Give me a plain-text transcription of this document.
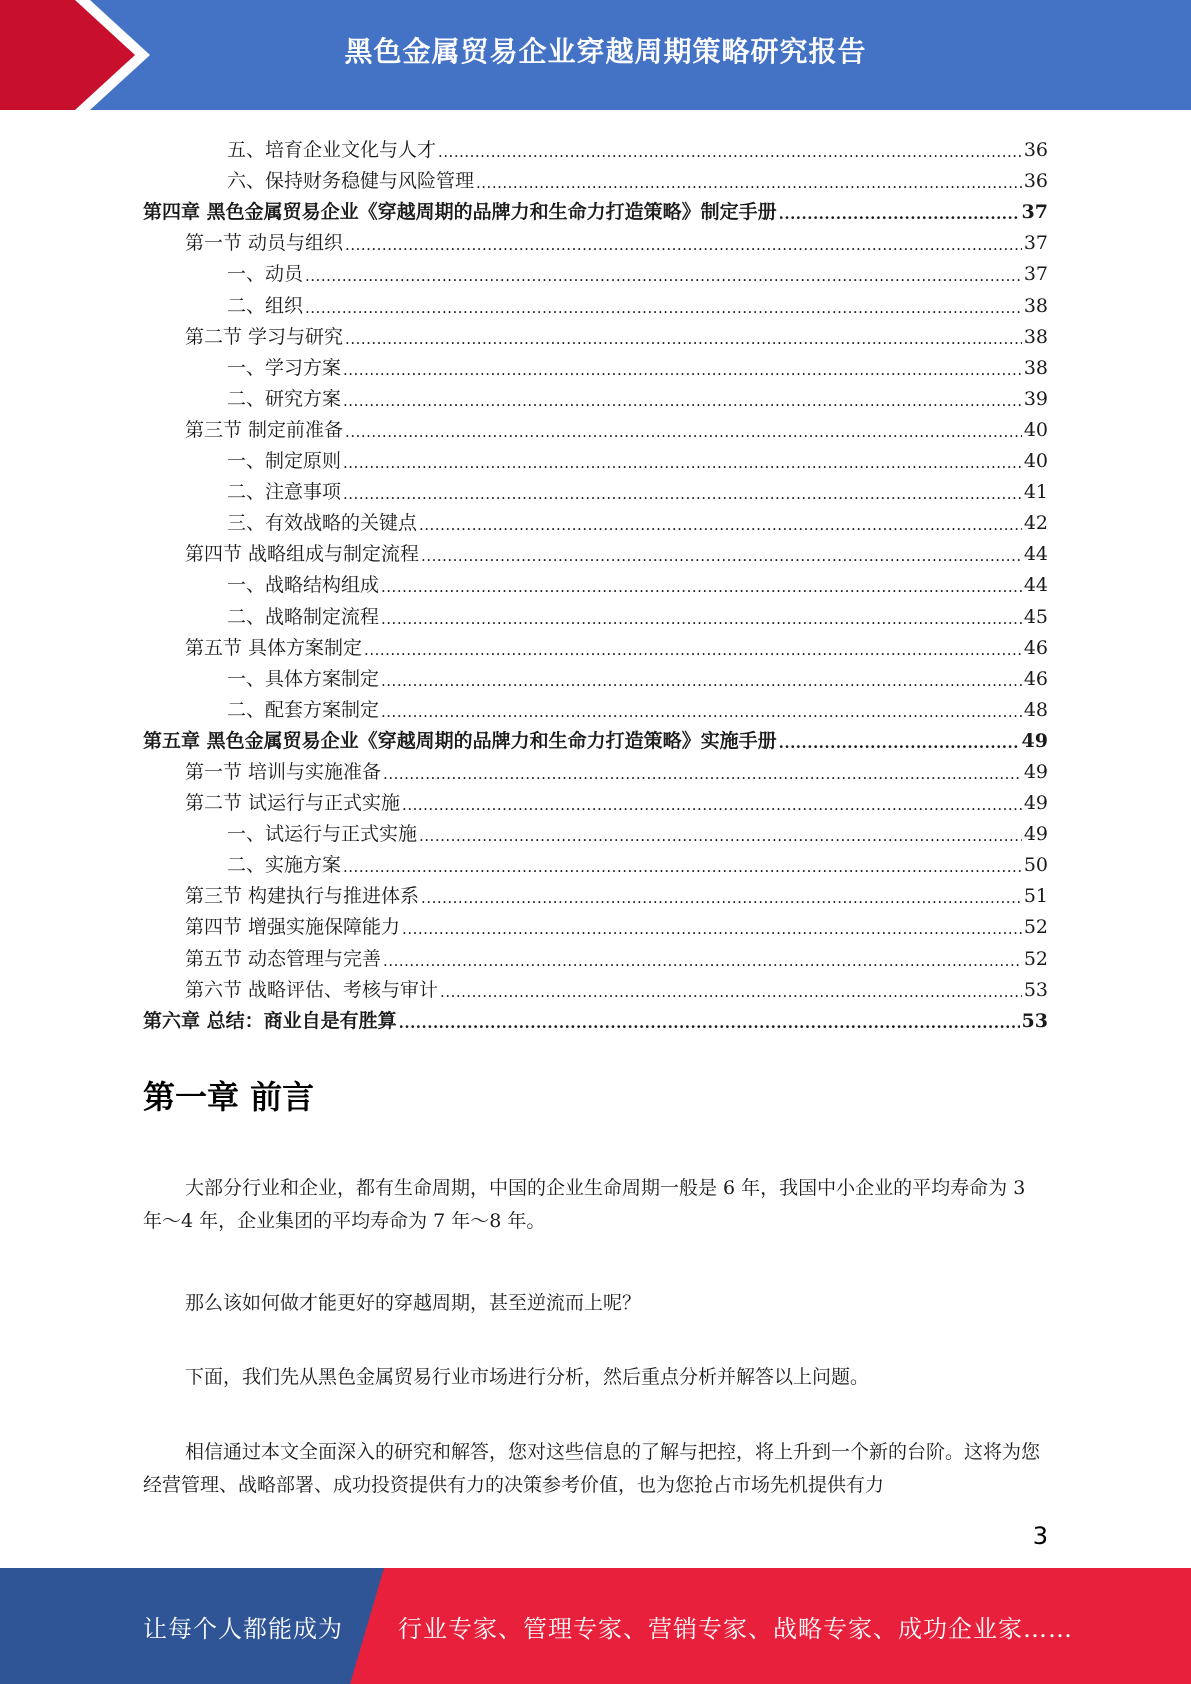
黑色金属贸易企业穿越周期策略研究报告
五、培育企业文化与人才 .....	36
六、保持财务稳健与风险管理 .....	36
第四章 黑色金属贸易企业《穿越周期的品牌力和生命力打造策略》制定手册 .....	37
第一节 动员与组织 .....	37
一、动员 .....	37
二、组织 .....	38
第二节 学习与研究 .....	38
一、学习方案 .....	38
二、研究方案 .....	39
第三节 制定前准备 .....	40
一、制定原则 .....	40
二、注意事项 .....	41
三、有效战略的关键点 .....	42
第四节 战略组成与制定流程 .....	44
一、战略结构组成 .....	44
二、战略制定流程 .....	45
第五节 具体方案制定 .....	46
一、具体方案制定 .....	46
二、配套方案制定 .....	48
第五章 黑色金属贸易企业《穿越周期的品牌力和生命力打造策略》实施手册 .....	49
第一节 培训与实施准备 .....	49
第二节 试运行与正式实施 .....	49
一、试运行与正式实施 .....	49
二、实施方案 .....	50
第三节 构建执行与推进体系 .....	51
第四节 增强实施保障能力 .....	52
第五节 动态管理与完善 .....	52
第六节 战略评估、考核与审计 .....	53
第六章 总结：商业自是有胜算 .....	53
第一章 前言

大部分行业和企业，都有生命周期，中国的企业生命周期一般是 6 年，我国中小企业的平均寿命为 3 年～4 年，企业集团的平均寿命为 7 年～8 年。

那么该如何做才能更好的穿越周期，甚至逆流而上呢？

下面，我们先从黑色金属贸易行业市场进行分析，然后重点分析并解答以上问题。

相信通过本文全面深入的研究和解答，您对这些信息的了解与把控，将上升到一个新的台阶。这将为您经营管理、战略部署、成功投资提供有力的决策参考价值，也为您抢占市场先机提供有力

3
让每个人都能成为 行业专家、管理专家、营销专家、战略专家、成功企业家……
